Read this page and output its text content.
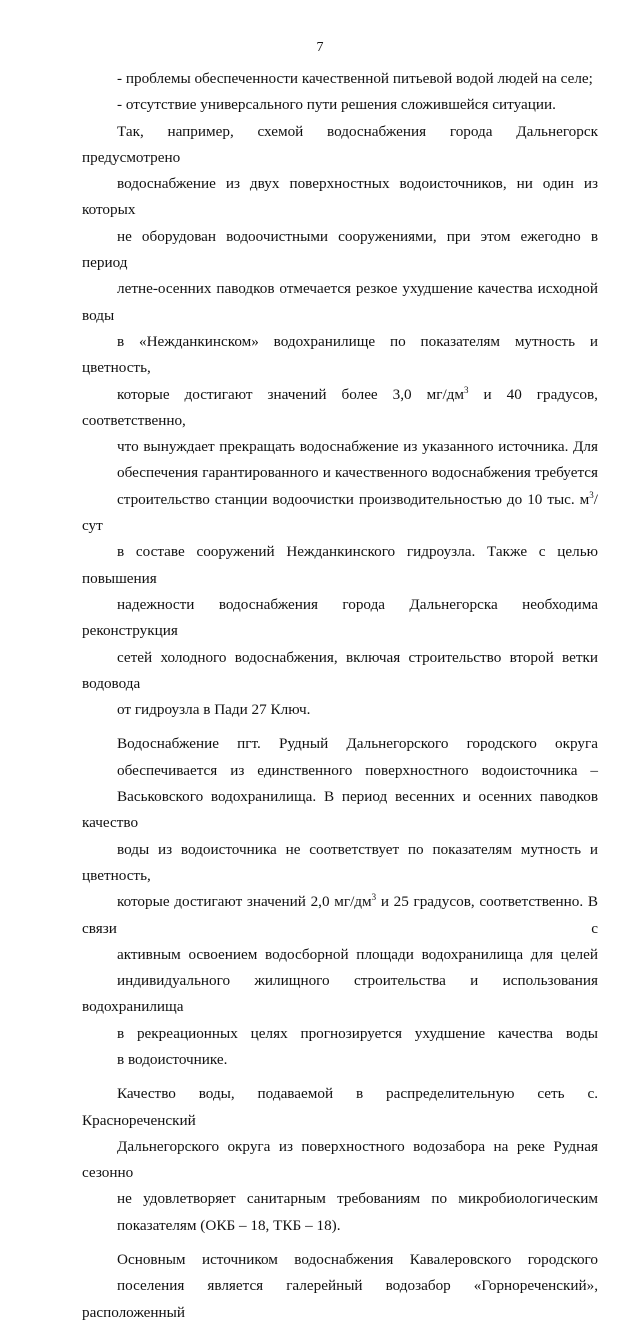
7

- проблемы обеспеченности качественной питьевой водой людей на селе;

- отсутствие универсального пути решения сложившейся ситуации.

Так, например, схемой водоснабжения города Дальнегорск предусмотрено
водоснабжение из двух поверхностных водоисточников, ни один из которых
не оборудован водоочистными сооружениями, при этом ежегодно в период
летне-осенних паводков отмечается резкое ухудшение качества исходной воды
в «Нежданкинском» водохранилище по показателям мутность и цветность,
которые достигают значений более 3,0 $мг/дм^3$ и 40 градусов, соответственно,
что вынуждает прекращать водоснабжение из указанного источника. Для
обеспечения гарантированного и качественного водоснабжения требуется
строительство станции водоочистки производительностью до 10 тыс. $м^3$/сут
в составе сооружений Нежданкинского гидроузла. Также с целью повышения
надежности водоснабжения города Дальнегорска необходима реконструкция
сетей холодного водоснабжения, включая строительство второй ветки водовода
от гидроузла в Пади 27 Ключ.

Водоснабжение пгт. Рудный Дальнегорского городского округа
обеспечивается из единственного поверхностного водоисточника –
Васьковского водохранилища. В период весенних и осенних паводков качество
воды из водоисточника не соответствует по показателям мутность и цветность,
которые достигают значений 2,0 $мг/дм^3$ и 25 градусов, соответственно. В связи с
активным освоением водосборной площади водохранилища для целей
индивидуального жилищного строительства и использования водохранилища
в рекреационных целях прогнозируется ухудшение качества воды
в водоисточнике.

Качество воды, подаваемой в распределительную сеть с. Краснореченский
Дальнегорского округа из поверхностного водозабора на реке Рудная сезонно
не удовлетворяет санитарным требованиям по микробиологическим
показателям (ОКБ – 18, ТКБ – 18).

Основным источником водоснабжения Кавалеровского городского
поселения является галерейный водозабор «Горнореченский», расположенный
